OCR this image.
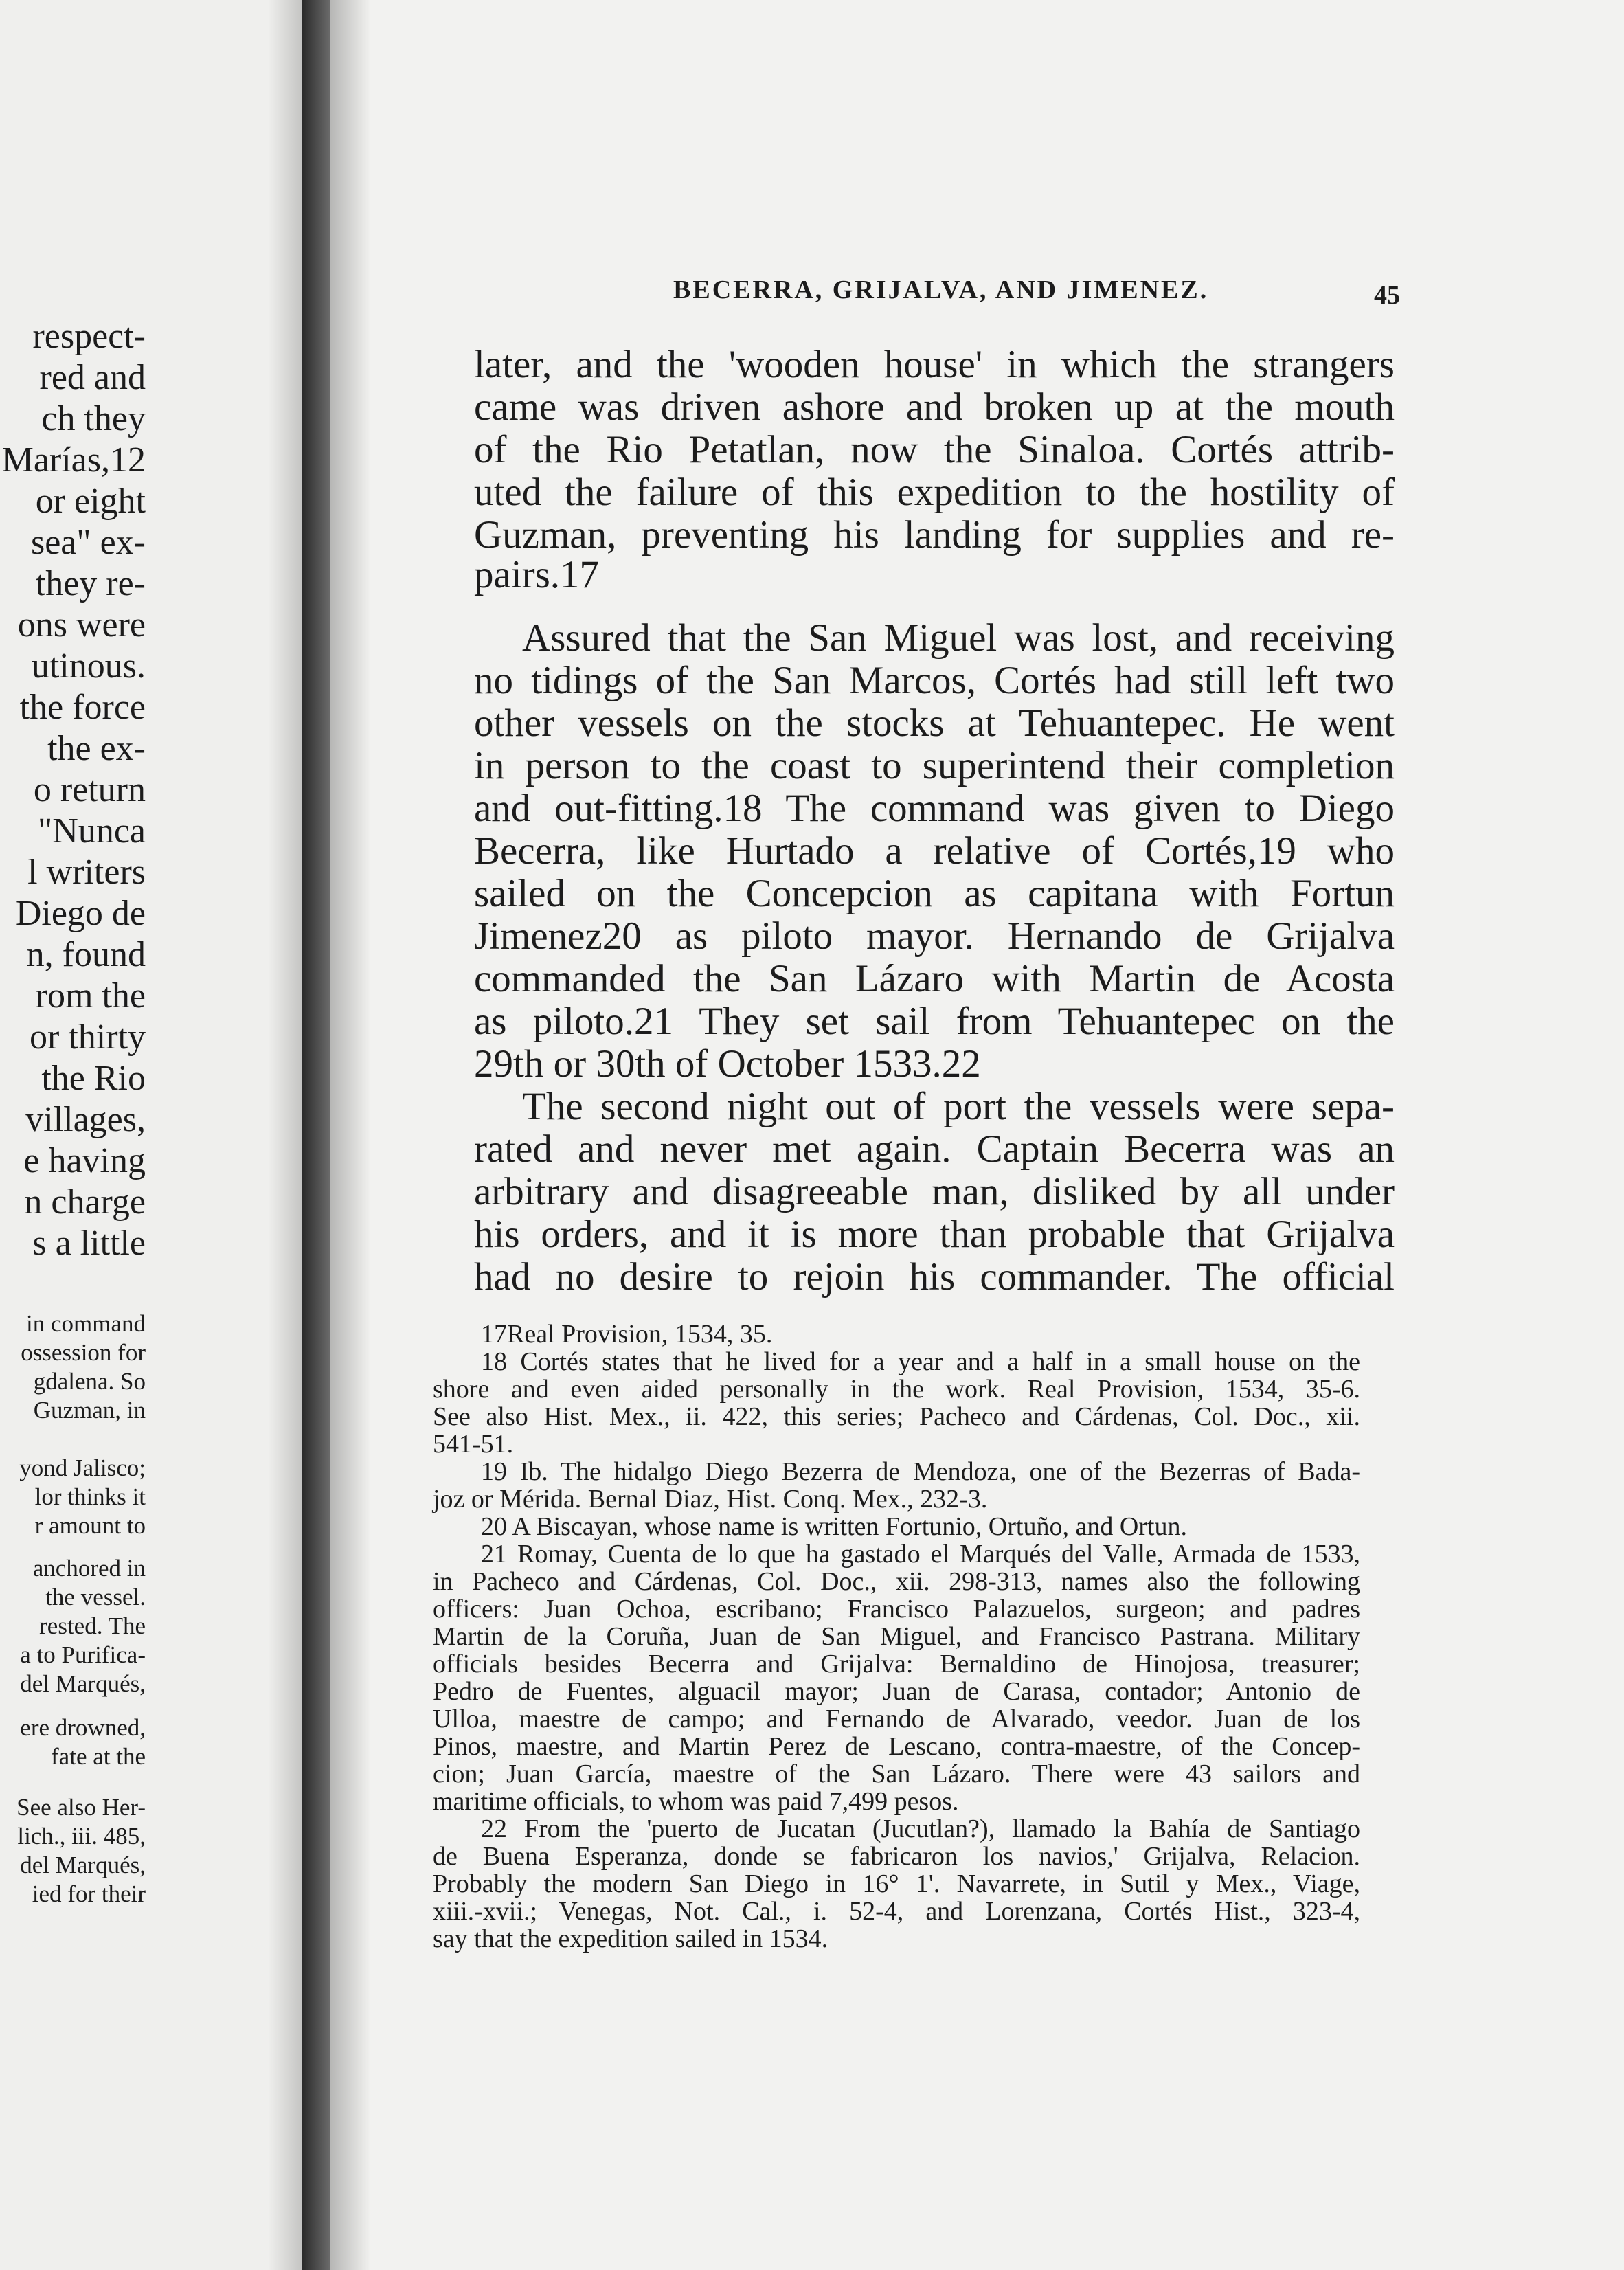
respect-
red and
ch they
Marías,12
or eight
sea" ex-
they re-
ons were
utinous.
the force
the ex-
o return
"Nunca
l writers
Diego de
n, found
rom the
or thirty
the Rio
villages,
e having
n charge
s a little
in command
ossession for
gdalena. So
Guzman, in
yond Jalisco;
lor thinks it
r amount to
anchored in
the vessel.
rested. The
a to Purifica-
del Marqués,
ere drowned,
fate at the
See also Her-
lich., iii. 485,
del Marqués,
ied for their
BECERRA, GRIJALVA, AND JIMENEZ.	45
later, and the 'wooden house' in which the strangers
came was driven ashore and broken up at the mouth
of the Rio Petatlan, now the Sinaloa. Cortés attrib-
uted the failure of this expedition to the hostility of
Guzman, preventing his landing for supplies and re-
pairs.17
Assured that the San Miguel was lost, and receiving
no tidings of the San Marcos, Cortés had still left two
other vessels on the stocks at Tehuantepec. He went
in person to the coast to superintend their completion
and out-fitting.18 The command was given to Diego
Becerra, like Hurtado a relative of Cortés,19 who
sailed on the Concepcion as capitana with Fortun
Jimenez20 as piloto mayor. Hernando de Grijalva
commanded the San Lázaro with Martin de Acosta
as piloto.21 They set sail from Tehuantepec on the
29th or 30th of October 1533.22
The second night out of port the vessels were sepa-
rated and never met again. Captain Becerra was an
arbitrary and disagreeable man, disliked by all under
his orders, and it is more than probable that Grijalva
had no desire to rejoin his commander. The official
17Real Provision, 1534, 35.
18 Cortés states that he lived for a year and a half in a small house on the
shore and even aided personally in the work. Real Provision, 1534, 35-6.
See also Hist. Mex., ii. 422, this series; Pacheco and Cárdenas, Col. Doc., xii.
541-51.
19 Ib. The hidalgo Diego Bezerra de Mendoza, one of the Bezerras of Bada-
joz or Mérida. Bernal Diaz, Hist. Conq. Mex., 232-3.
20 A Biscayan, whose name is written Fortunio, Ortuño, and Ortun.
21 Romay, Cuenta de lo que ha gastado el Marqués del Valle, Armada de 1533,
in Pacheco and Cárdenas, Col. Doc., xii. 298-313, names also the following
officers: Juan Ochoa, escribano; Francisco Palazuelos, surgeon; and padres
Martin de la Coruña, Juan de San Miguel, and Francisco Pastrana. Military
officials besides Becerra and Grijalva: Bernaldino de Hinojosa, treasurer;
Pedro de Fuentes, alguacil mayor; Juan de Carasa, contador; Antonio de
Ulloa, maestre de campo; and Fernando de Alvarado, veedor. Juan de los
Pinos, maestre, and Martin Perez de Lescano, contra-maestre, of the Concep-
cion; Juan García, maestre of the San Lázaro. There were 43 sailors and
maritime officials, to whom was paid 7,499 pesos.
22 From the 'puerto de Jucatan (Jucutlan?), llamado la Bahía de Santiago
de Buena Esperanza, donde se fabricaron los navios,' Grijalva, Relacion.
Probably the modern San Diego in 16° 1'. Navarrete, in Sutil y Mex., Viage,
xiii.-xvii.; Venegas, Not. Cal., i. 52-4, and Lorenzana, Cortés Hist., 323-4,
say that the expedition sailed in 1534.
